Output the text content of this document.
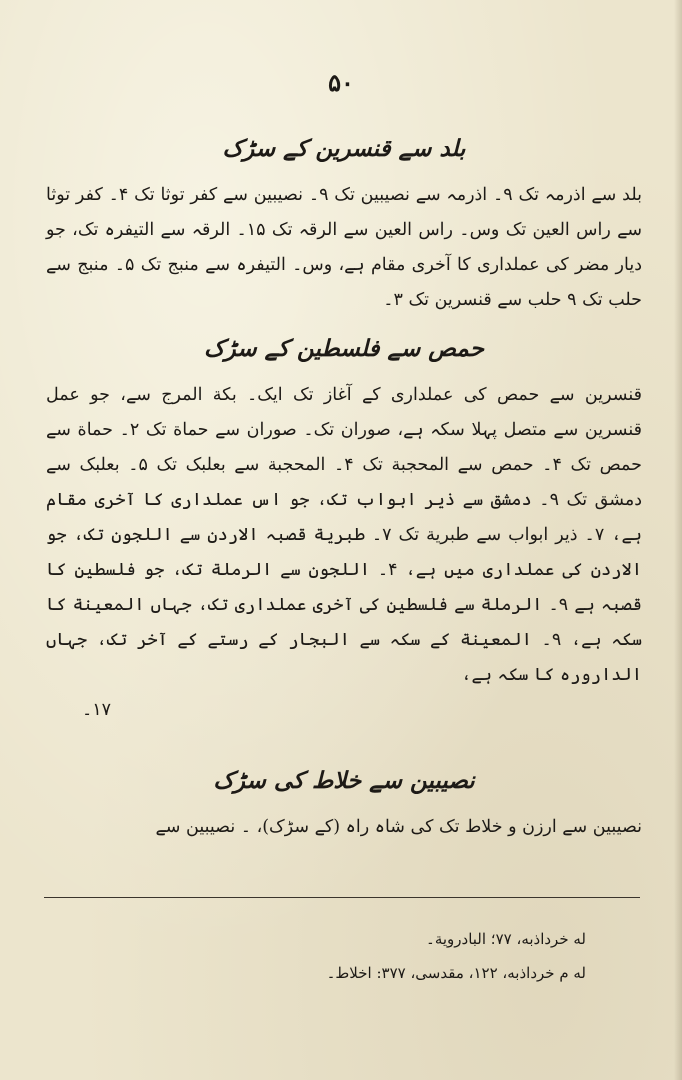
۵۰
بلد سے قنسرین کے سڑک

بلد سے اذرمہ تک ۹۔ اذرمہ سے نصیبین تک ۹۔ نصیبین سے کفر توثا تک ۴۔ کفر توثا سے راس العین تک وس۔ راس العین سے الرقہ تک ۱۵۔ الرقہ سے التیفرہ تک، جو دیار مضر کی عملداری کا آخری مقام ہے، وس۔ التیفرہ سے منبج تک ۵۔ منبج سے حلب تک ۹ حلب سے قنسرین تک ۳۔

حمص سے فلسطین کے سڑک

قنسرین سے حمص کی عملداری کے آغاز تک ایک۔ بکة المرج سے، جو عمل قنسرین سے متصل پہلا سکہ ہے، صوران تک۔ صوران سے حماة تک ۲۔ حماة سے حمص تک ۴۔ حمص سے المحجبة تک ۴۔ المحجبة سے بعلبک تک ۵۔ بعلبک سے دمشق تک ۹۔ دمشق سے ذیر ابواب تک، جو اس عملداری کا آخری مقام ہے، ۷۔ ذیر ابواب سے طبریة تک ۷۔ طبریة قصبہ الاردن سے اللجون تک، جو الاردن کی عملداری میں ہے، ۴۔ اللجون سے الرملة تک، جو فلسطین کا قصبہ ہے ۹۔ الرملة سے فلسطین کی آخری عملداری تک، جہاں المعینة کا سکہ ہے، ۹۔ المعینة کے سکہ سے البجار کے رستے کے آخر تک، جہاں الدارورہ کا سکہ ہے،

۱۷۔

نصیبین سے خلاط کی سڑک

نصیبین سے ارزن و خلاط تک کی شاہ راہ (کے سڑک)، ۔ نصیبین سے

له خرداذبه، ۷۷؛ البادرویة۔

له م خرداذبه، ۱۲۲، مقدسی، ۳۷۷: اخلاط۔
